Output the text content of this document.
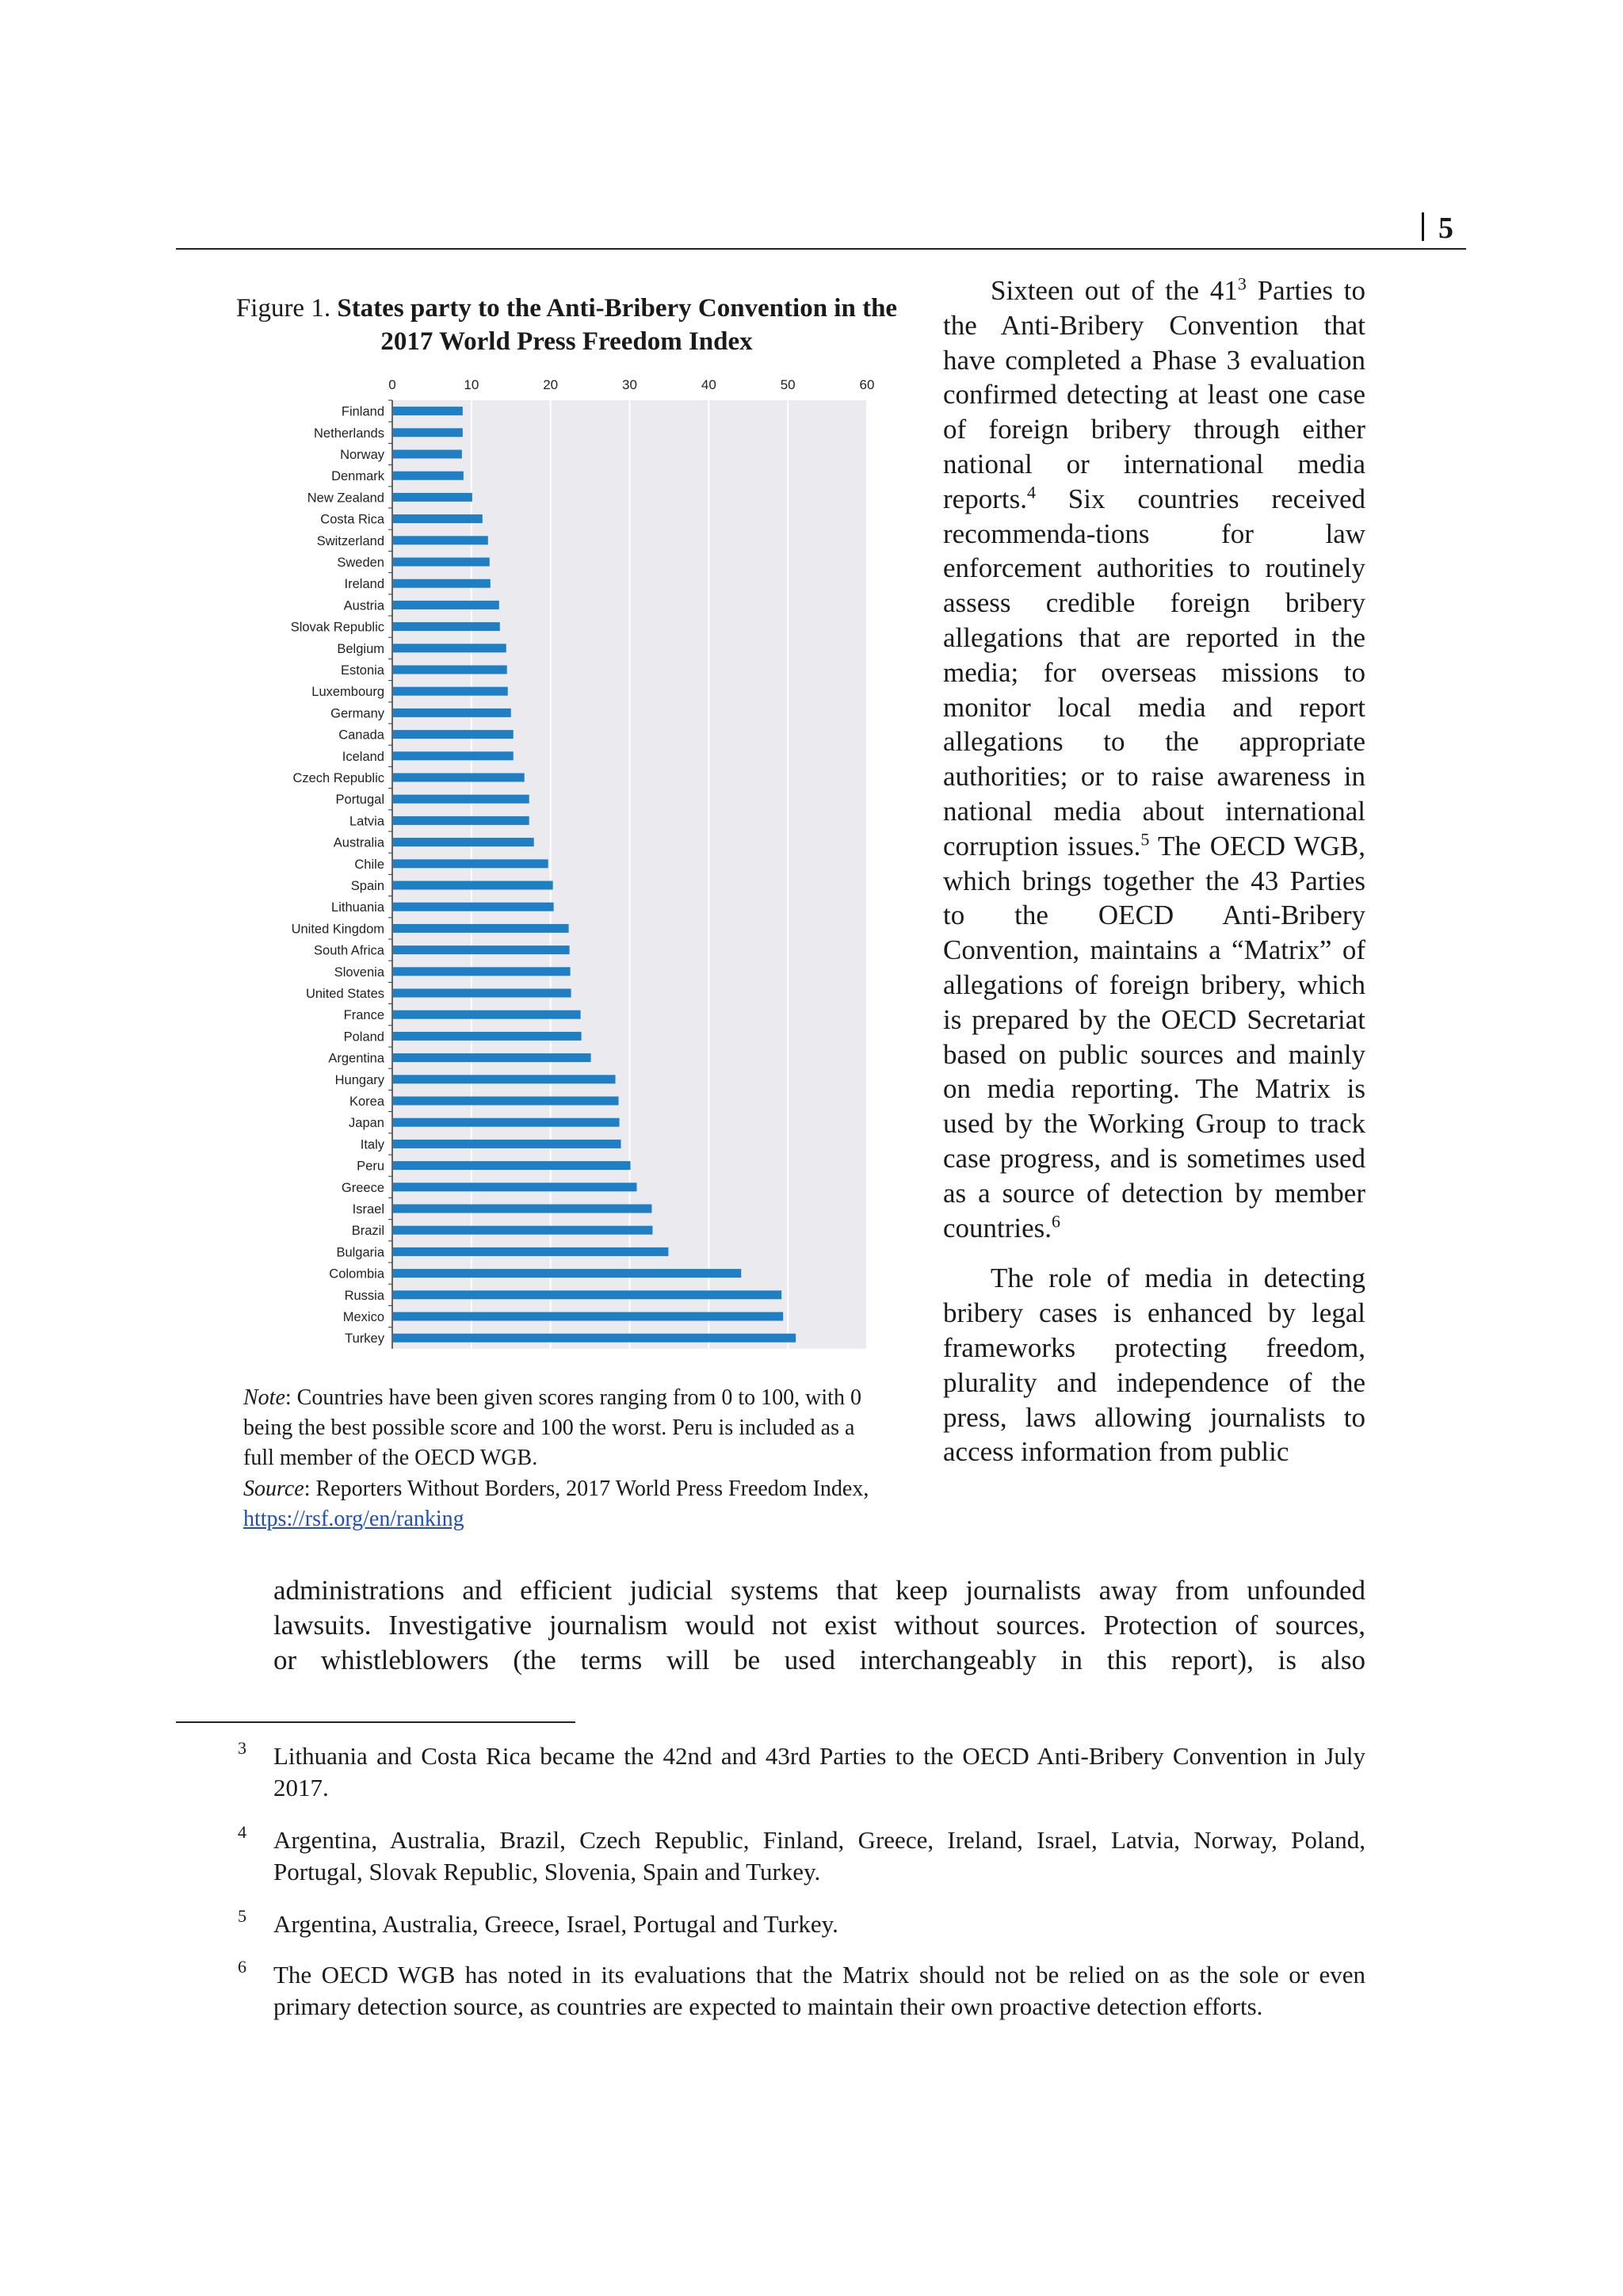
5
Figure 1. States party to the Anti-Bribery Convention in the 2017 World Press Freedom Index
0	10	20	30	40	50	60
Finland
Netherlands
Norway
Denmark
New Zealand
Costa Rica
Switzerland
Sweden
Ireland
Austria
Slovak Republic
Belgium
Estonia
Luxembourg
Germany
Canada
Iceland
Czech Republic
Portugal
Latvia
Australia
Chile
Spain
Lithuania
United Kingdom
South Africa
Slovenia
United States
France
Poland
Argentina
Hungary
Korea
Japan
Italy
Peru
Greece
Israel
Brazil
Bulgaria
Colombia
Russia
Mexico
Turkey
Note: Countries have been given scores ranging from 0 to 100, with 0 being the best possible score and 100 the worst. Peru is included as a full member of the OECD WGB.
Source: Reporters Without Borders, 2017 World Press Freedom Index, https://rsf.org/en/ranking

Sixteen out of the $41^3$ Parties to the Anti-Bribery Convention that have completed a Phase 3 evaluation confirmed detecting at least one case of foreign bribery through either national or international media reports.$^4$ Six countries received recommenda-tions for law enforcement authorities to routinely assess credible foreign bribery allegations that are reported in the media; for overseas missions to monitor local media and report allegations to the appropriate authorities; or to raise awareness in national media about international corruption issues.$^5$ The OECD WGB, which brings together the 43 Parties to the OECD Anti-Bribery Convention, maintains a “Matrix” of allegations of foreign bribery, which is prepared by the OECD Secretariat based on public sources and mainly on media reporting. The Matrix is used by the Working Group to track case progress, and is sometimes used as a source of detection by member countries.$^6$

The role of media in detecting bribery cases is enhanced by legal frameworks protecting freedom, plurality and independence of the press, laws allowing journalists to access information from public

administrations and efficient judicial systems that keep journalists away from unfounded
lawsuits. Investigative journalism would not exist without sources. Protection of sources,
or whistleblowers (the terms will be used interchangeably in this report), is also
3 Lithuania and Costa Rica became the 42nd and 43rd Parties to the OECD Anti-Bribery Convention in July 2017.
4 Argentina, Australia, Brazil, Czech Republic, Finland, Greece, Ireland, Israel, Latvia, Norway, Poland, Portugal, Slovak Republic, Slovenia, Spain and Turkey.
5 Argentina, Australia, Greece, Israel, Portugal and Turkey.
6 The OECD WGB has noted in its evaluations that the Matrix should not be relied on as the sole or even primary detection source, as countries are expected to maintain their own proactive detection efforts.
